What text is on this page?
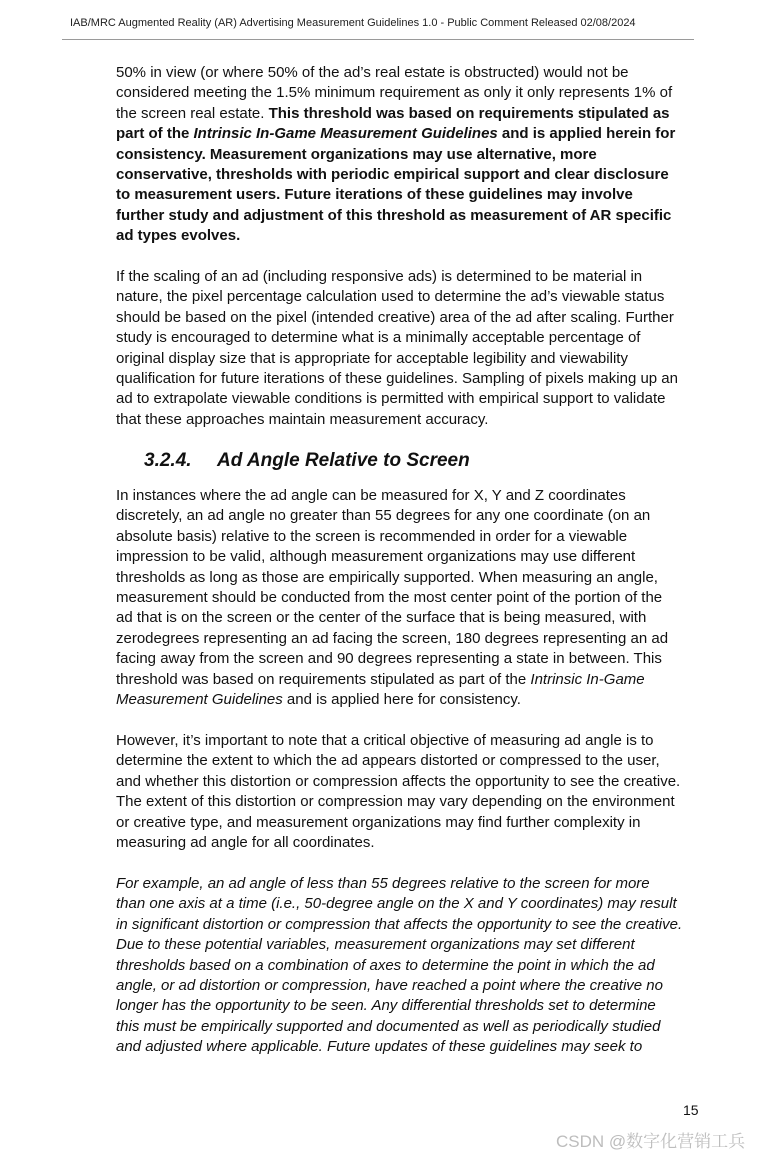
IAB/MRC Augmented Reality (AR) Advertising Measurement Guidelines 1.0 - Public Comment Released 02/08/2024
50% in view (or where 50% of the ad’s real estate is obstructed) would not be
considered meeting the 1.5% minimum requirement as only it only represents 1% of
the screen real estate. This threshold was based on requirements stipulated as
part of the Intrinsic In-Game Measurement Guidelines and is applied herein for
consistency. Measurement organizations may use alternative, more
conservative, thresholds with periodic empirical support and clear disclosure
to measurement users. Future iterations of these guidelines may involve
further study and adjustment of this threshold as measurement of AR specific
ad types evolves.
If the scaling of an ad (including responsive ads) is determined to be material in
nature, the pixel percentage calculation used to determine the ad’s viewable status
should be based on the pixel (intended creative) area of the ad after scaling. Further
study is encouraged to determine what is a minimally acceptable percentage of
original display size that is appropriate for acceptable legibility and viewability
qualification for future iterations of these guidelines. Sampling of pixels making up an
ad to extrapolate viewable conditions is permitted with empirical support to validate
that these approaches maintain measurement accuracy.
3.2.4. Ad Angle Relative to Screen
In instances where the ad angle can be measured for X, Y and Z coordinates
discretely, an ad angle no greater than 55 degrees for any one coordinate (on an
absolute basis) relative to the screen is recommended in order for a viewable
impression to be valid, although measurement organizations may use different
thresholds as long as those are empirically supported. When measuring an angle,
measurement should be conducted from the most center point of the portion of the
ad that is on the screen or the center of the surface that is being measured, with
zerodegrees representing an ad facing the screen, 180 degrees representing an ad
facing away from the screen and 90 degrees representing a state in between. This
threshold was based on requirements stipulated as part of the Intrinsic In-Game
Measurement Guidelines and is applied here for consistency.
However, it’s important to note that a critical objective of measuring ad angle is to
determine the extent to which the ad appears distorted or compressed to the user,
and whether this distortion or compression affects the opportunity to see the creative.
The extent of this distortion or compression may vary depending on the environment
or creative type, and measurement organizations may find further complexity in
measuring ad angle for all coordinates.
For example, an ad angle of less than 55 degrees relative to the screen for more
than one axis at a time (i.e., 50-degree angle on the X and Y coordinates) may result
in significant distortion or compression that affects the opportunity to see the creative.
Due to these potential variables, measurement organizations may set different
thresholds based on a combination of axes to determine the point in which the ad
angle, or ad distortion or compression, have reached a point where the creative no
longer has the opportunity to be seen. Any differential thresholds set to determine
this must be empirically supported and documented as well as periodically studied
and adjusted where applicable. Future updates of these guidelines may seek to
15
CSDN @数字化营销工兵
